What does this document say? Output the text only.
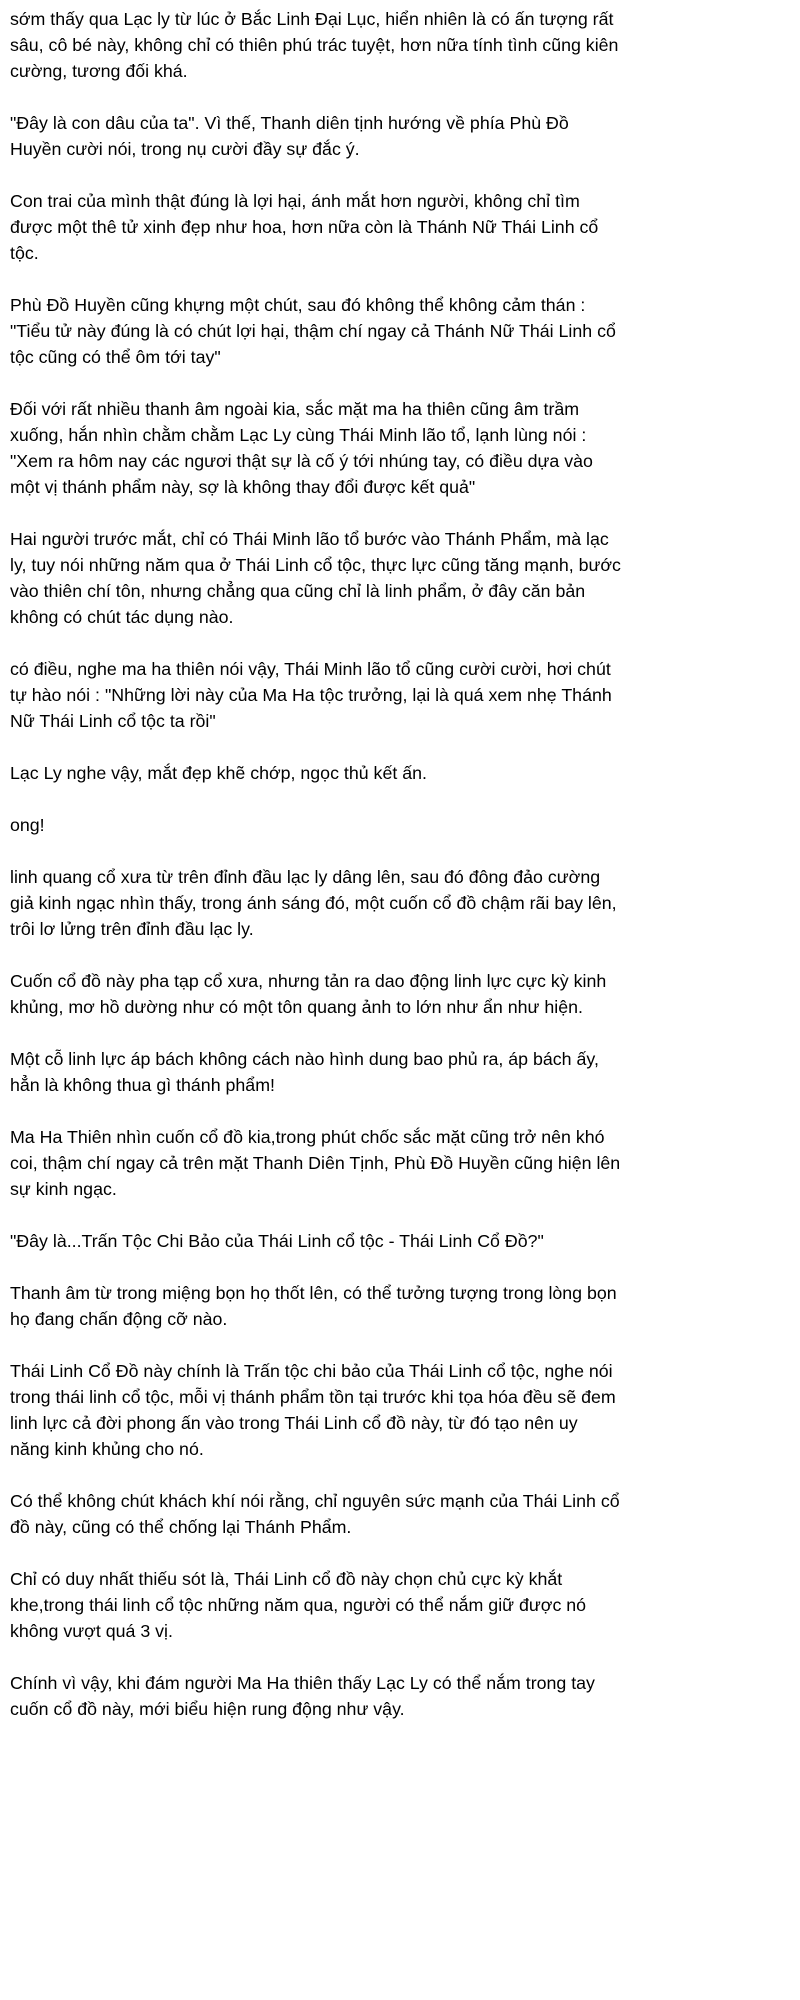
sớm thấy qua Lạc ly từ lúc ở Bắc Linh Đại Lục, hiển nhiên là có ấn tượng rất sâu, cô bé này, không chỉ có thiên phú trác tuyệt, hơn nữa tính tình cũng kiên cường, tương đối khá.

"Đây là con dâu của ta". Vì thế, Thanh diên tịnh hướng về phía Phù Đồ Huyền cười nói, trong nụ cười đầy sự đắc ý.

Con trai của mình thật đúng là lợi hại, ánh mắt hơn người, không chỉ tìm được một thê tử xinh đẹp như hoa, hơn nữa còn là Thánh Nữ Thái Linh cổ tộc.

Phù Đồ Huyền cũng khựng một chút, sau đó không thể không cảm thán : "Tiểu tử này đúng là có chút lợi hại, thậm chí ngay cả Thánh Nữ Thái Linh cổ tộc cũng có thể ôm tới tay"

Đối với rất nhiều thanh âm ngoài kia, sắc mặt ma ha thiên cũng âm trầm xuống, hắn nhìn chằm chằm Lạc Ly cùng Thái Minh lão tổ, lạnh lùng nói : "Xem ra hôm nay các ngươi thật sự là cố ý tới nhúng tay, có điều dựa vào một vị thánh phẩm này, sợ là không thay đổi được kết quả"

Hai người trước mắt, chỉ có Thái Minh lão tổ bước vào Thánh Phẩm, mà lạc ly, tuy nói những năm qua ở Thái Linh cổ tộc, thực lực cũng tăng mạnh, bước vào thiên chí tôn, nhưng chẳng qua cũng chỉ là linh phẩm, ở đây căn bản không có chút tác dụng nào.

có điều, nghe ma ha thiên nói vậy, Thái Minh lão tổ cũng cười cười, hơi chút tự hào nói : "Những lời này của Ma Ha tộc trưởng, lại là quá xem nhẹ Thánh Nữ Thái Linh cổ tộc ta rồi"

Lạc Ly nghe vậy, mắt đẹp khẽ chớp, ngọc thủ kết ấn.

ong!

linh quang cổ xưa từ trên đỉnh đầu lạc ly dâng lên, sau đó đông đảo cường giả kinh ngạc nhìn thấy, trong ánh sáng đó, một cuốn cổ đồ chậm rãi bay lên, trôi lơ lửng trên đỉnh đầu lạc ly.

Cuốn cổ đồ này pha tạp cổ xưa, nhưng tản ra dao động linh lực cực kỳ kinh khủng, mơ hồ dường như có một tôn quang ảnh to lớn như ẩn như hiện.

Một cỗ linh lực áp bách không cách nào hình dung bao phủ ra, áp bách ấy, hẳn là không thua gì thánh phẩm!

Ma Ha Thiên nhìn cuốn cổ đồ kia,trong phút chốc sắc mặt cũng trở nên khó coi, thậm chí ngay cả trên mặt Thanh Diên Tịnh, Phù Đồ Huyền cũng hiện lên sự kinh ngạc.

"Đây là...Trấn Tộc Chi Bảo của Thái Linh cổ tộc - Thái Linh Cổ Đồ?"

Thanh âm từ trong miệng bọn họ thốt lên, có thể tưởng tượng trong lòng bọn họ đang chấn động cỡ nào.

Thái Linh Cổ Đồ này chính là Trấn tộc chi bảo của Thái Linh cổ tộc, nghe nói trong thái linh cổ tộc, mỗi vị thánh phẩm tồn tại trước khi tọa hóa đều sẽ đem linh lực cả đời phong ấn vào trong Thái Linh cổ đồ này, từ đó tạo nên uy năng kinh khủng cho nó.

Có thể không chút khách khí nói rằng, chỉ nguyên sức mạnh của Thái Linh cổ đồ này, cũng có thể chống lại Thánh Phẩm.

Chỉ có duy nhất thiếu sót là, Thái Linh cổ đồ này chọn chủ cực kỳ khắt khe,trong thái linh cổ tộc những năm qua, người có thể nắm giữ được nó không vượt quá 3 vị.

Chính vì vậy, khi đám người Ma Ha thiên thấy Lạc Ly có thể nắm trong tay cuốn cổ đồ này, mới biểu hiện rung động như vậy.
